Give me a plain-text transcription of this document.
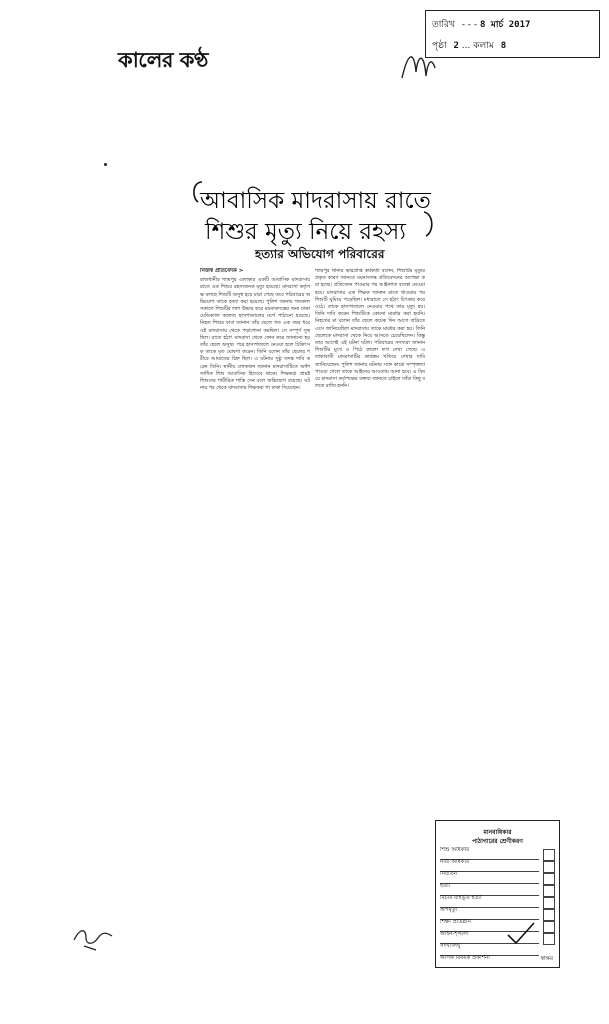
তারিখ - - - 8 মার্চ 2017
পৃষ্ঠা 2 ... কলাম 8
কালের কণ্ঠ
আবাসিক মাদরাসায় রাতে
শিশুর মৃত্যু নিয়ে রহস্য
হত্যার অভিযোগ পরিবারের
নিজস্ব প্রতিবেদক >
রাজধানীর শ্যামপুর এলাকার একটি আবাসিক মাদরাসায় রাতে এক শিশুর রহস্যজনক মৃত্যু হয়েছে। মাদরাসা কর্তৃপক্ষ বলছে শিশুটি অসুস্থ হয়ে মারা গেছে তবে পরিবারের অভিযোগ তাকে হত্যা করা হয়েছে। পুলিশ জানায় গতকাল সকালে শিশুটির লাশ উদ্ধার করে ময়নাতদন্তের জন্য ঢাকা মেডিক্যাল কলেজ হাসপাতালের মর্গে পাঠানো হয়েছে। নিহত শিশুর বাবা জানান তাঁর ছেলে গত এক বছর ধরে ওই মাদরাসায় থেকে পড়াশোনা করছিল। সে সম্পূর্ণ সুস্থ ছিল। রাতে হঠাৎ মাদরাসা থেকে ফোন করে জানানো হয় তাঁর ছেলে অসুস্থ। পরে হাসপাতালে নেওয়া হলে চিকিৎসক তাকে মৃত ঘোষণা করেন। তিনি বলেন তাঁর ছেলের শরীরে আঘাতের চিহ্ন ছিল। এ ঘটনার সুষ্ঠু তদন্ত দাবি করেন তিনি। স্থানীয় লোকজন জানান মাদরাসাটিতে অর্ধশতাধিক শিশু আবাসিক হিসেবে থাকে। শিক্ষকরা প্রায়ই শিশুদের শারীরিক শাস্তি দেন বলে অভিযোগ রয়েছে। ঘটনার পর থেকে মাদরাসার শিক্ষকরা গা ঢাকা দিয়েছেন।
শ্যামপুর থানার ভারপ্রাপ্ত কর্মকর্তা বলেন, শিশুটির মৃত্যুর প্রকৃত কারণ জানতে ময়নাতদন্ত প্রতিবেদনের অপেক্ষা করা হচ্ছে। প্রতিবেদন পাওয়ার পর আইনগত ব্যবস্থা নেওয়া হবে। মাদরাসার এক শিক্ষক জানান রাতে খাওয়ার পর শিশুটি ঘুমিয়ে পড়েছিল। মধ্যরাতে সে হঠাৎ চিৎকার করে ওঠে। তাকে হাসপাতালে নেওয়ার পথে তার মৃত্যু হয়। তিনি দাবি করেন শিশুটিকে কোনো মারধর করা হয়নি। নিহতের মা বলেন তাঁর ছেলে কয়েক দিন আগে বাড়িতে এসে জানিয়েছিল মাদরাসায় তাকে মারধর করা হয়। তিনি ছেলেকে মাদরাসা থেকে নিয়ে আসতে চেয়েছিলেন। কিন্তু তার আগেই এই ঘটনা ঘটল। পরিবারের সদস্যরা জানান শিশুটির মুখে ও পিঠে কালো দাগ দেখা গেছে। এলাকাবাসী মাদরাসাটির কার্যক্রম খতিয়ে দেখার দাবি জানিয়েছেন। পুলিশ জানায় ঘটনার সঙ্গে কারো সম্পৃক্ততা পাওয়া গেলে তাকে আইনের আওতায় আনা হবে। এ বিষয়ে মাদরাসা কর্তৃপক্ষের বক্তব্য জানতে চাইলে তাঁরা কিছু বলতে রাজি হননি।
মানবাধিকার
পাঠাগারের শ্রেণীকরণ
শিশু অধিকার
নারী অধিকার
নির্যাতন
হত্যা
বিচার বহির্ভূত হত্যা
অপমৃত্যু
শিক্ষা প্রতিষ্ঠান
আইন-শৃঙ্খলা
সংখ্যালঘু
আসক বিষয়ক প্রকাশনা	স্বাক্ষর
